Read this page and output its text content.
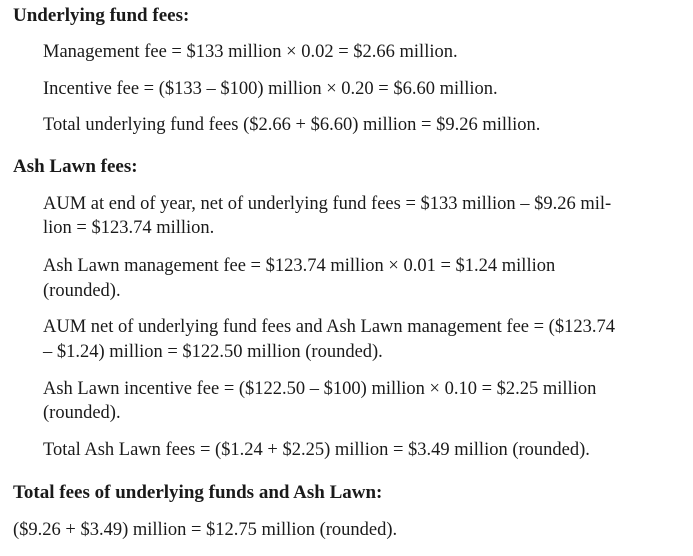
Underlying fund fees:
Management fee = $133 million × 0.02 = $2.66 million.
Incentive fee = ($133 – $100) million × 0.20 = $6.60 million.
Total underlying fund fees ($2.66 + $6.60) million = $9.26 million.
Ash Lawn fees:
AUM at end of year, net of underlying fund fees = $133 million – $9.26 mil-
lion = $123.74 million.
Ash Lawn management fee = $123.74 million × 0.01 = $1.24 million
(rounded).
AUM net of underlying fund fees and Ash Lawn management fee = ($123.74
– $1.24) million = $122.50 million (rounded).
Ash Lawn incentive fee = ($122.50 – $100) million × 0.10 = $2.25 million
(rounded).
Total Ash Lawn fees = ($1.24 + $2.25) million = $3.49 million (rounded).
Total fees of underlying funds and Ash Lawn:
($9.26 + $3.49) million = $12.75 million (rounded).
